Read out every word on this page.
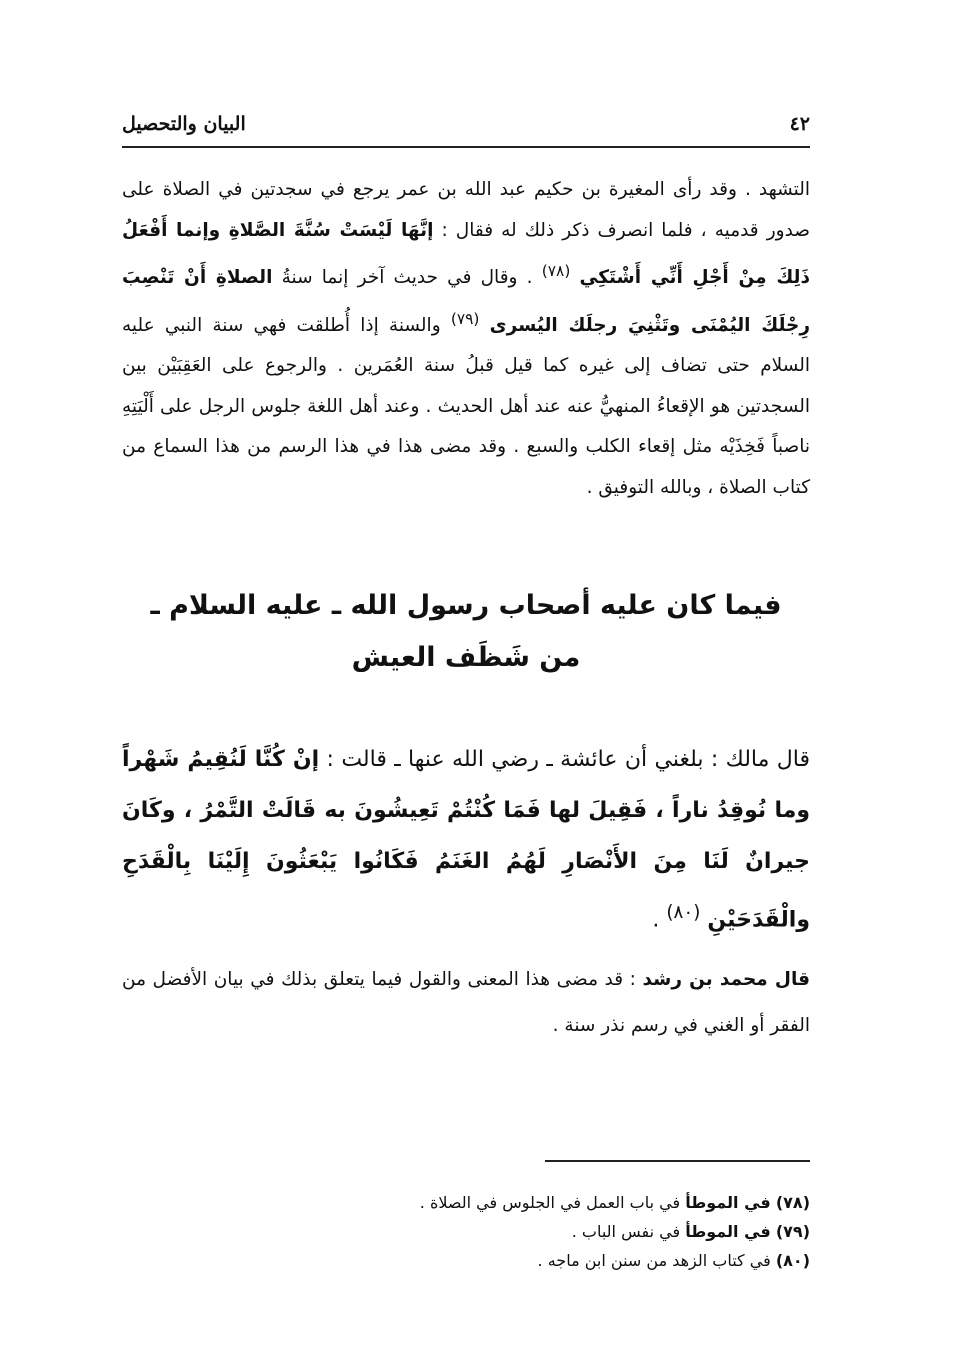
٤٢
البيان والتحصيل
التشهد . وقد رأى المغيرة بن حكيم عبد الله بن عمر يرجع في سجدتين في الصلاة على صدور قدميه ، فلما انصرف ذكر ذلك له فقال : إنَّهَا لَيْسَتْ سُنَّةَ الصَّلاةِ وإنما أَفْعَلُ ذَلِكَ مِنْ أَجْلِ أَنِّي أَشْتَكِي $^{(٧٨)}$ . وقال في حديث آخر إنما سنةُ الصلاةِ أَنْ تَنْصِبَ رِجْلَكَ اليُمْنَى وتَثْنِيَ رجلَك اليُسرى $^{(٧٩)}$ والسنة إذا أُطلقت فهي سنة النبي عليه السلام حتى تضاف إلى غيره كما قيل قبلُ سنة العُمَرين . والرجوع على العَقِبَيْن بين السجدتين هو الإقعاءُ المنهيُّ عنه عند أهل الحديث . وعند أهل اللغة جلوس الرجل على أَلْيَتِهِ ناصباً فَخِذَيْه مثل إقعاء الكلب والسبع . وقد مضى هذا في هذا الرسم من هذا السماع من كتاب الصلاة ، وبالله التوفيق .
فيما كان عليه أصحاب رسول الله ـ عليه السلام ـ
من شَظَف العيش
قال مالك : بلغني أن عائشة ـ رضي الله عنها ـ قالت : إنْ كُنَّا لَنُقِيمُ شَهْراً وما نُوقِدُ ناراً ، فَقِيلَ لها فَمَا كُنْتُمْ تَعِيشُونَ به قَالَتْ التَّمْرُ ، وكَانَ جيرانٌ لَنَا مِنَ الأَنْصَارِ لَهُمُ الغَنَمُ فَكَانُوا يَبْعَثُونَ إِلَيْنَا بِالْقَدَحِ والْقَدَحَيْنِ $^{(٨٠)}$ .
قال محمد بن رشد : قد مضى هذا المعنى والقول فيما يتعلق بذلك في بيان الأفضل من الفقر أو الغني في رسم نذر سنة .
(٧٨) في الموطأ في باب العمل في الجلوس في الصلاة .
(٧٩) في الموطأ في نفس الباب .
(٨٠) في كتاب الزهد من سنن ابن ماجه .
